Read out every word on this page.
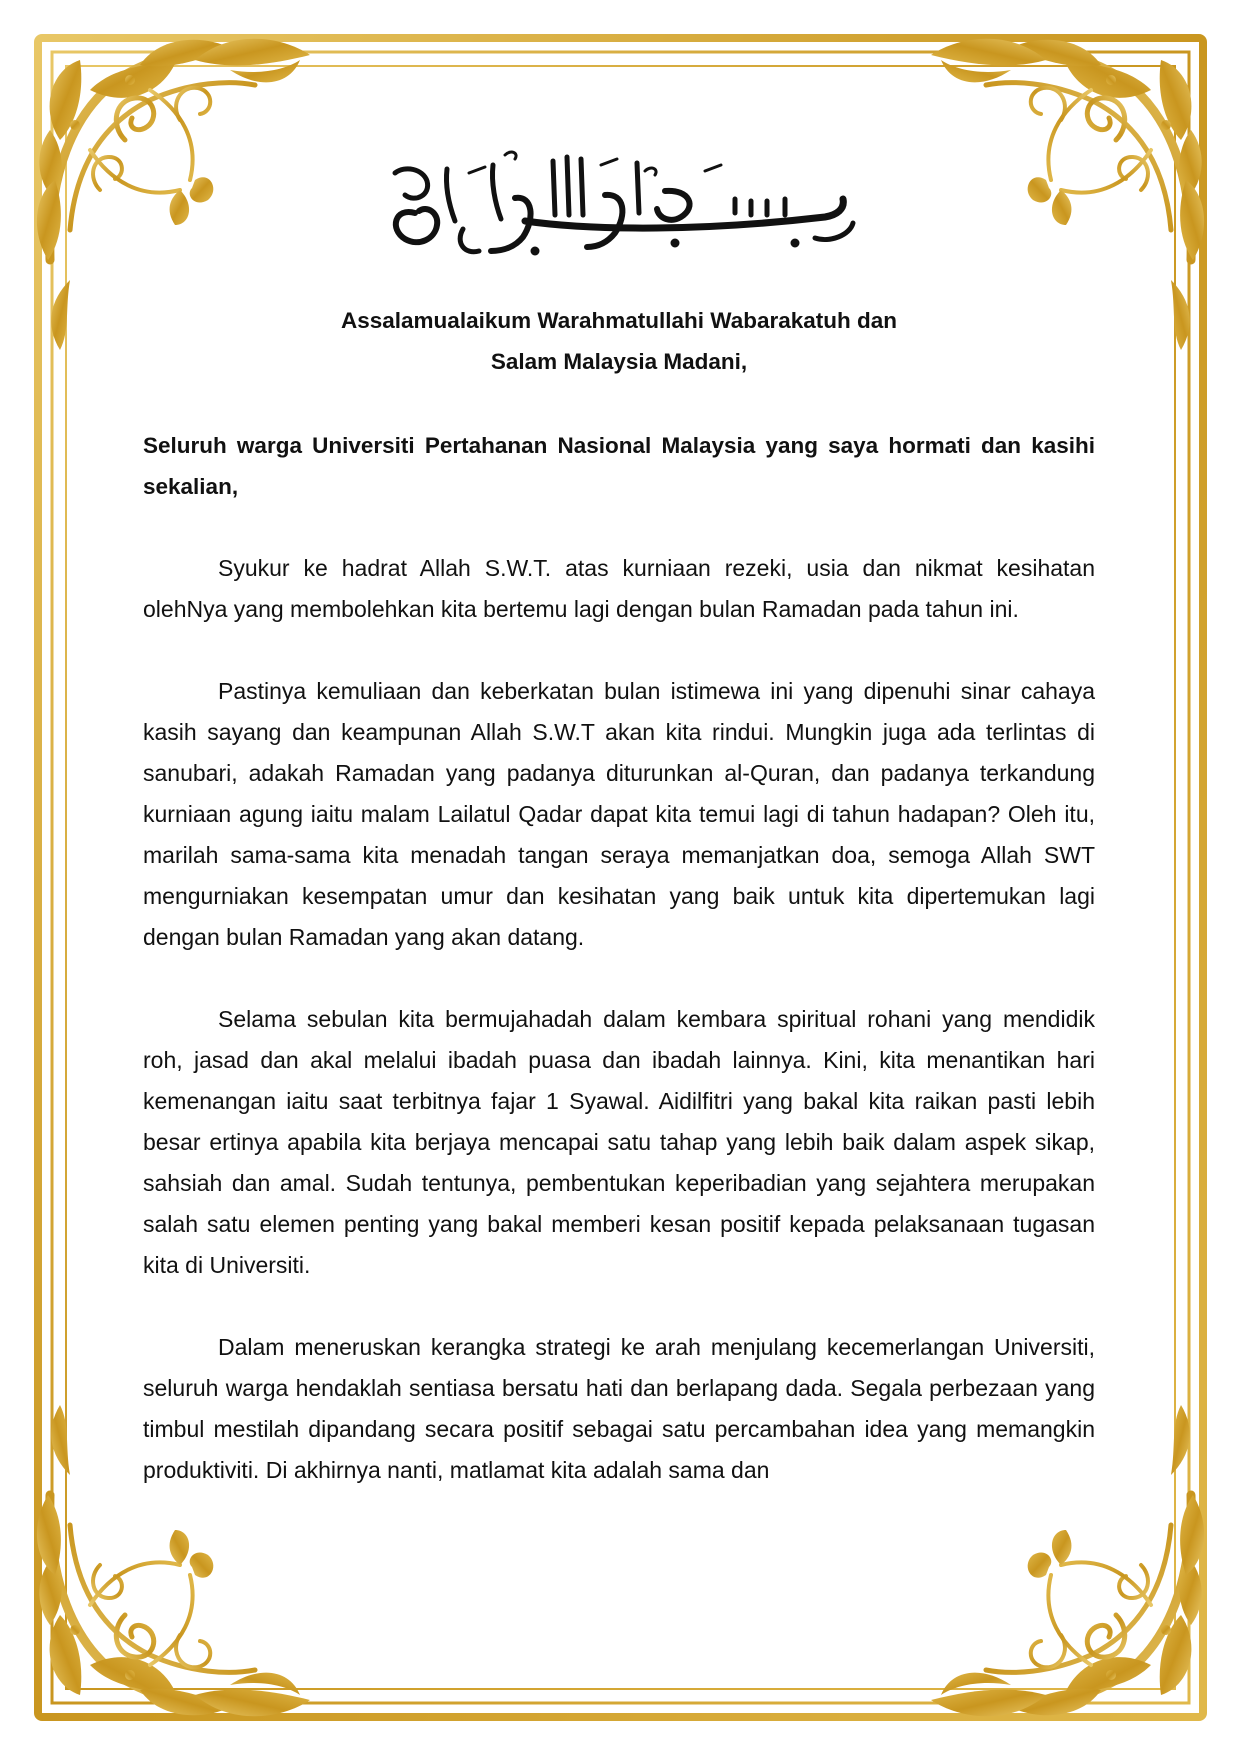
Assalamualaikum Warahmatullahi Wabarakatuh dan
Salam Malaysia Madani,

Seluruh warga Universiti Pertahanan Nasional Malaysia yang saya hormati dan kasihi sekalian,

Syukur ke hadrat Allah S.W.T. atas kurniaan rezeki, usia dan nikmat kesihatan olehNya yang membolehkan kita bertemu lagi dengan bulan Ramadan pada tahun ini.

Pastinya kemuliaan dan keberkatan bulan istimewa ini yang dipenuhi sinar cahaya kasih sayang dan keampunan Allah S.W.T akan kita rindui. Mungkin juga ada terlintas di sanubari, adakah Ramadan yang padanya diturunkan al-Quran, dan padanya terkandung kurniaan agung iaitu malam Lailatul Qadar dapat kita temui lagi di tahun hadapan? Oleh itu, marilah sama-sama kita menadah tangan seraya memanjatkan doa, semoga Allah SWT mengurniakan kesempatan umur dan kesihatan yang baik untuk kita dipertemukan lagi dengan bulan Ramadan yang akan datang.

Selama sebulan kita bermujahadah dalam kembara spiritual rohani yang mendidik roh, jasad dan akal melalui ibadah puasa dan ibadah lainnya. Kini, kita menantikan hari kemenangan iaitu saat terbitnya fajar 1 Syawal. Aidilfitri yang bakal kita raikan pasti lebih besar ertinya apabila kita berjaya mencapai satu tahap yang lebih baik dalam aspek sikap, sahsiah dan amal. Sudah tentunya, pembentukan keperibadian yang sejahtera merupakan salah satu elemen penting yang bakal memberi kesan positif kepada pelaksanaan tugasan kita di Universiti.

Dalam meneruskan kerangka strategi ke arah menjulang kecemerlangan Universiti, seluruh warga hendaklah sentiasa bersatu hati dan berlapang dada. Segala perbezaan yang timbul mestilah dipandang secara positif sebagai satu percambahan idea yang memangkin produktiviti. Di akhirnya nanti, matlamat kita adalah sama dan
